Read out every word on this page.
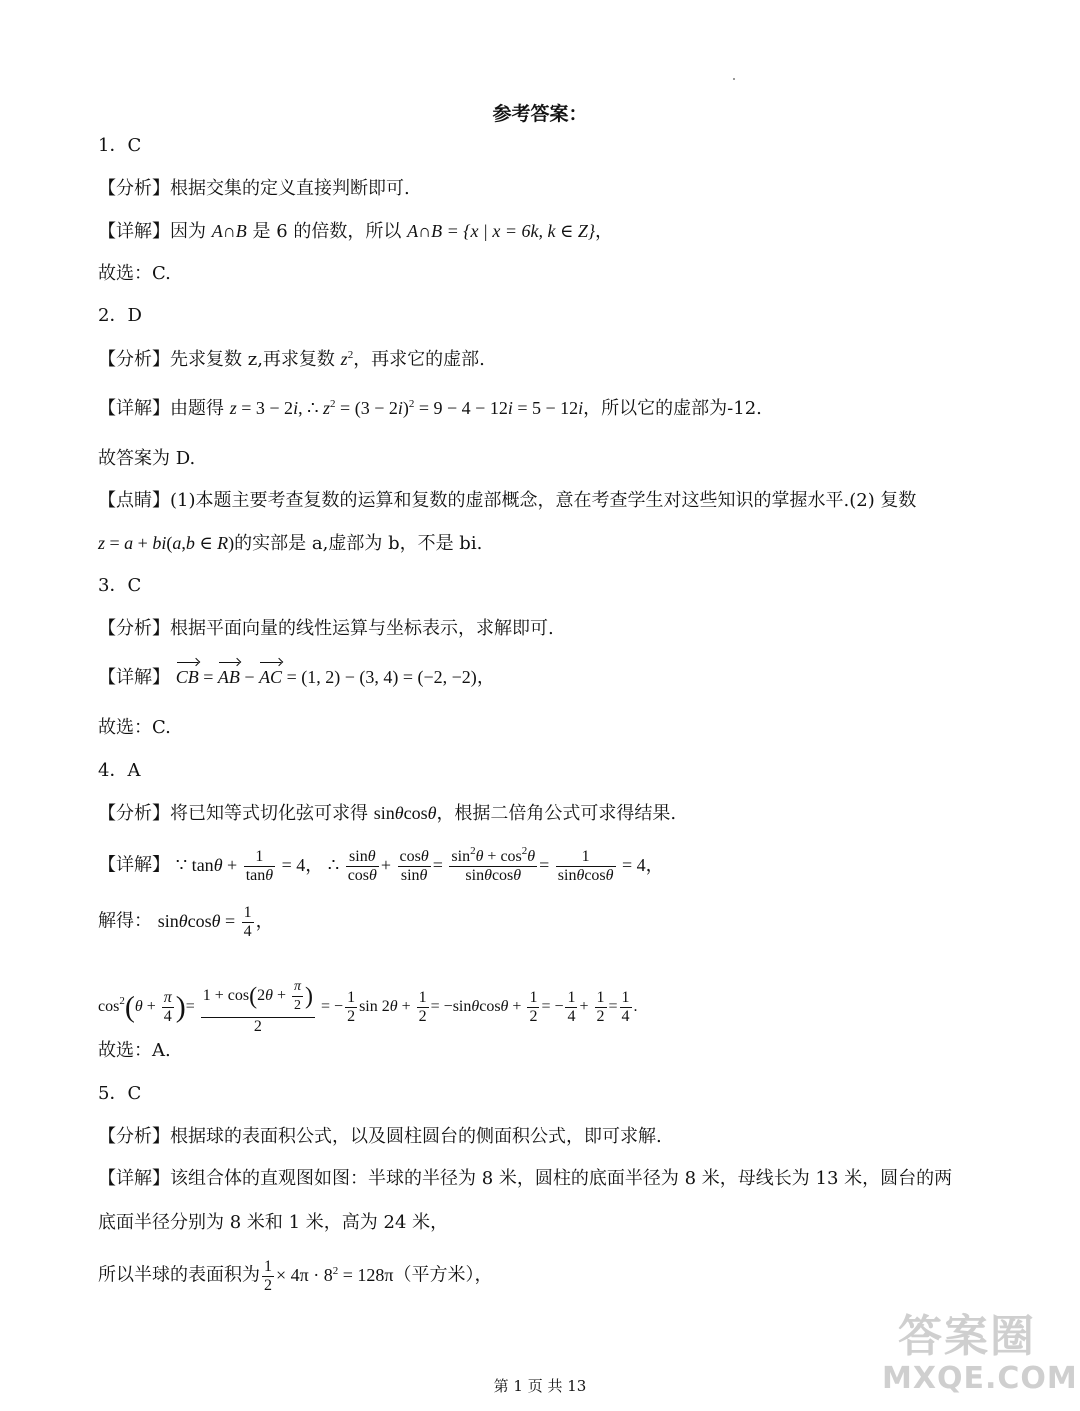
参考答案：
1．C
【分析】根据交集的定义直接判断即可.
【详解】因为 A∩B 是 6 的倍数，所以 A∩B = {x | x = 6k, k ∈ Z}，
故选：C.
2．D
【分析】先求复数 z,再求复数 $z^2$，再求它的虚部.
【详解】由题得 z = 3 − 2i, ∴ $z^2 = (3 - 2i)^2 = 9 - 4 - 12i = 5 - 12i$，所以它的虚部为-12.
故答案为 D.
【点睛】(1)本题主要考查复数的运算和复数的虚部概念，意在考查学生对这些知识的掌握水平.(2) 复数
z = a + bi(a,b ∈ R)的实部是 a,虚部为 b，不是 bi.
3．C
【分析】根据平面向量的线性运算与坐标表示，求解即可.
【详解】 CB = AB − AC = (1, 2) − (3, 4) = (−2, −2)，
故选：C.
4．A
【分析】将已知等式切化弦可求得 sinθcosθ，根据二倍角公式可求得结果.
【详解】 ∵ $\tan\theta + \frac{1}{\tan\theta} = 4$， ∴ $\frac{\sin\theta}{\cos\theta} + \frac{\cos\theta}{\sin\theta} = \frac{\sin^2\theta + \cos^2\theta}{\sin\theta\cos\theta} = \frac{1}{\sin\theta\cos\theta} = 4$，
解得： $\sin\theta\cos\theta = \frac{1}{4}$ ，
$\cos^2(\theta + \frac{\pi}{4}$ )= $\frac{1 + \cos(2\theta + \frac{\pi}{2} )}{2}$ = − $\frac{1}{2}$ $\sin 2\theta + \frac{1}{2} = -\sin\theta\cos\theta + \frac{1}{2}$ = − $\frac{1}{4} + \frac{1}{2} = \frac{1}{4}$ .
故选：A.
5．C
【分析】根据球的表面积公式，以及圆柱圆台的侧面积公式，即可求解.
【详解】该组合体的直观图如图：半球的半径为 8 米，圆柱的底面半径为 8 米，母线长为 13 米，圆台的两
底面半径分别为 8 米和 1 米，高为 24 米，
所以半球的表面积为 $\frac{1}{2} \times 4\pi \cdot 8^2 = 128\pi$（平方米），
第 1 页 共 13
答案圈
MXQE.COM
